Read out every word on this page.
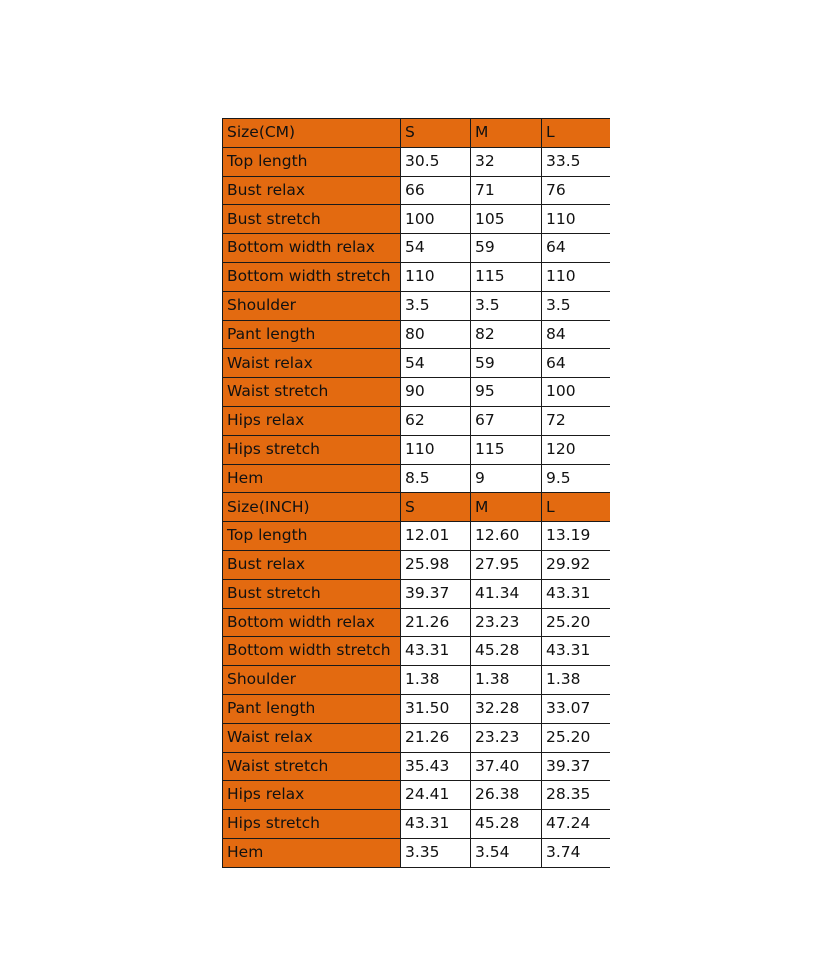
Size(CM)	S	M	L
Top length	30.5	32	33.5
Bust relax	66	71	76
Bust stretch	100	105	110
Bottom width relax	54	59	64
Bottom width stretch	110	115	110
Shoulder	3.5	3.5	3.5
Pant length	80	82	84
Waist relax	54	59	64
Waist stretch	90	95	100
Hips relax	62	67	72
Hips stretch	110	115	120
Hem	8.5	9	9.5
Size(INCH)	S	M	L
Top length	12.01	12.60	13.19
Bust relax	25.98	27.95	29.92
Bust stretch	39.37	41.34	43.31
Bottom width relax	21.26	23.23	25.20
Bottom width stretch	43.31	45.28	43.31
Shoulder	1.38	1.38	1.38
Pant length	31.50	32.28	33.07
Waist relax	21.26	23.23	25.20
Waist stretch	35.43	37.40	39.37
Hips relax	24.41	26.38	28.35
Hips stretch	43.31	45.28	47.24
Hem	3.35	3.54	3.74
